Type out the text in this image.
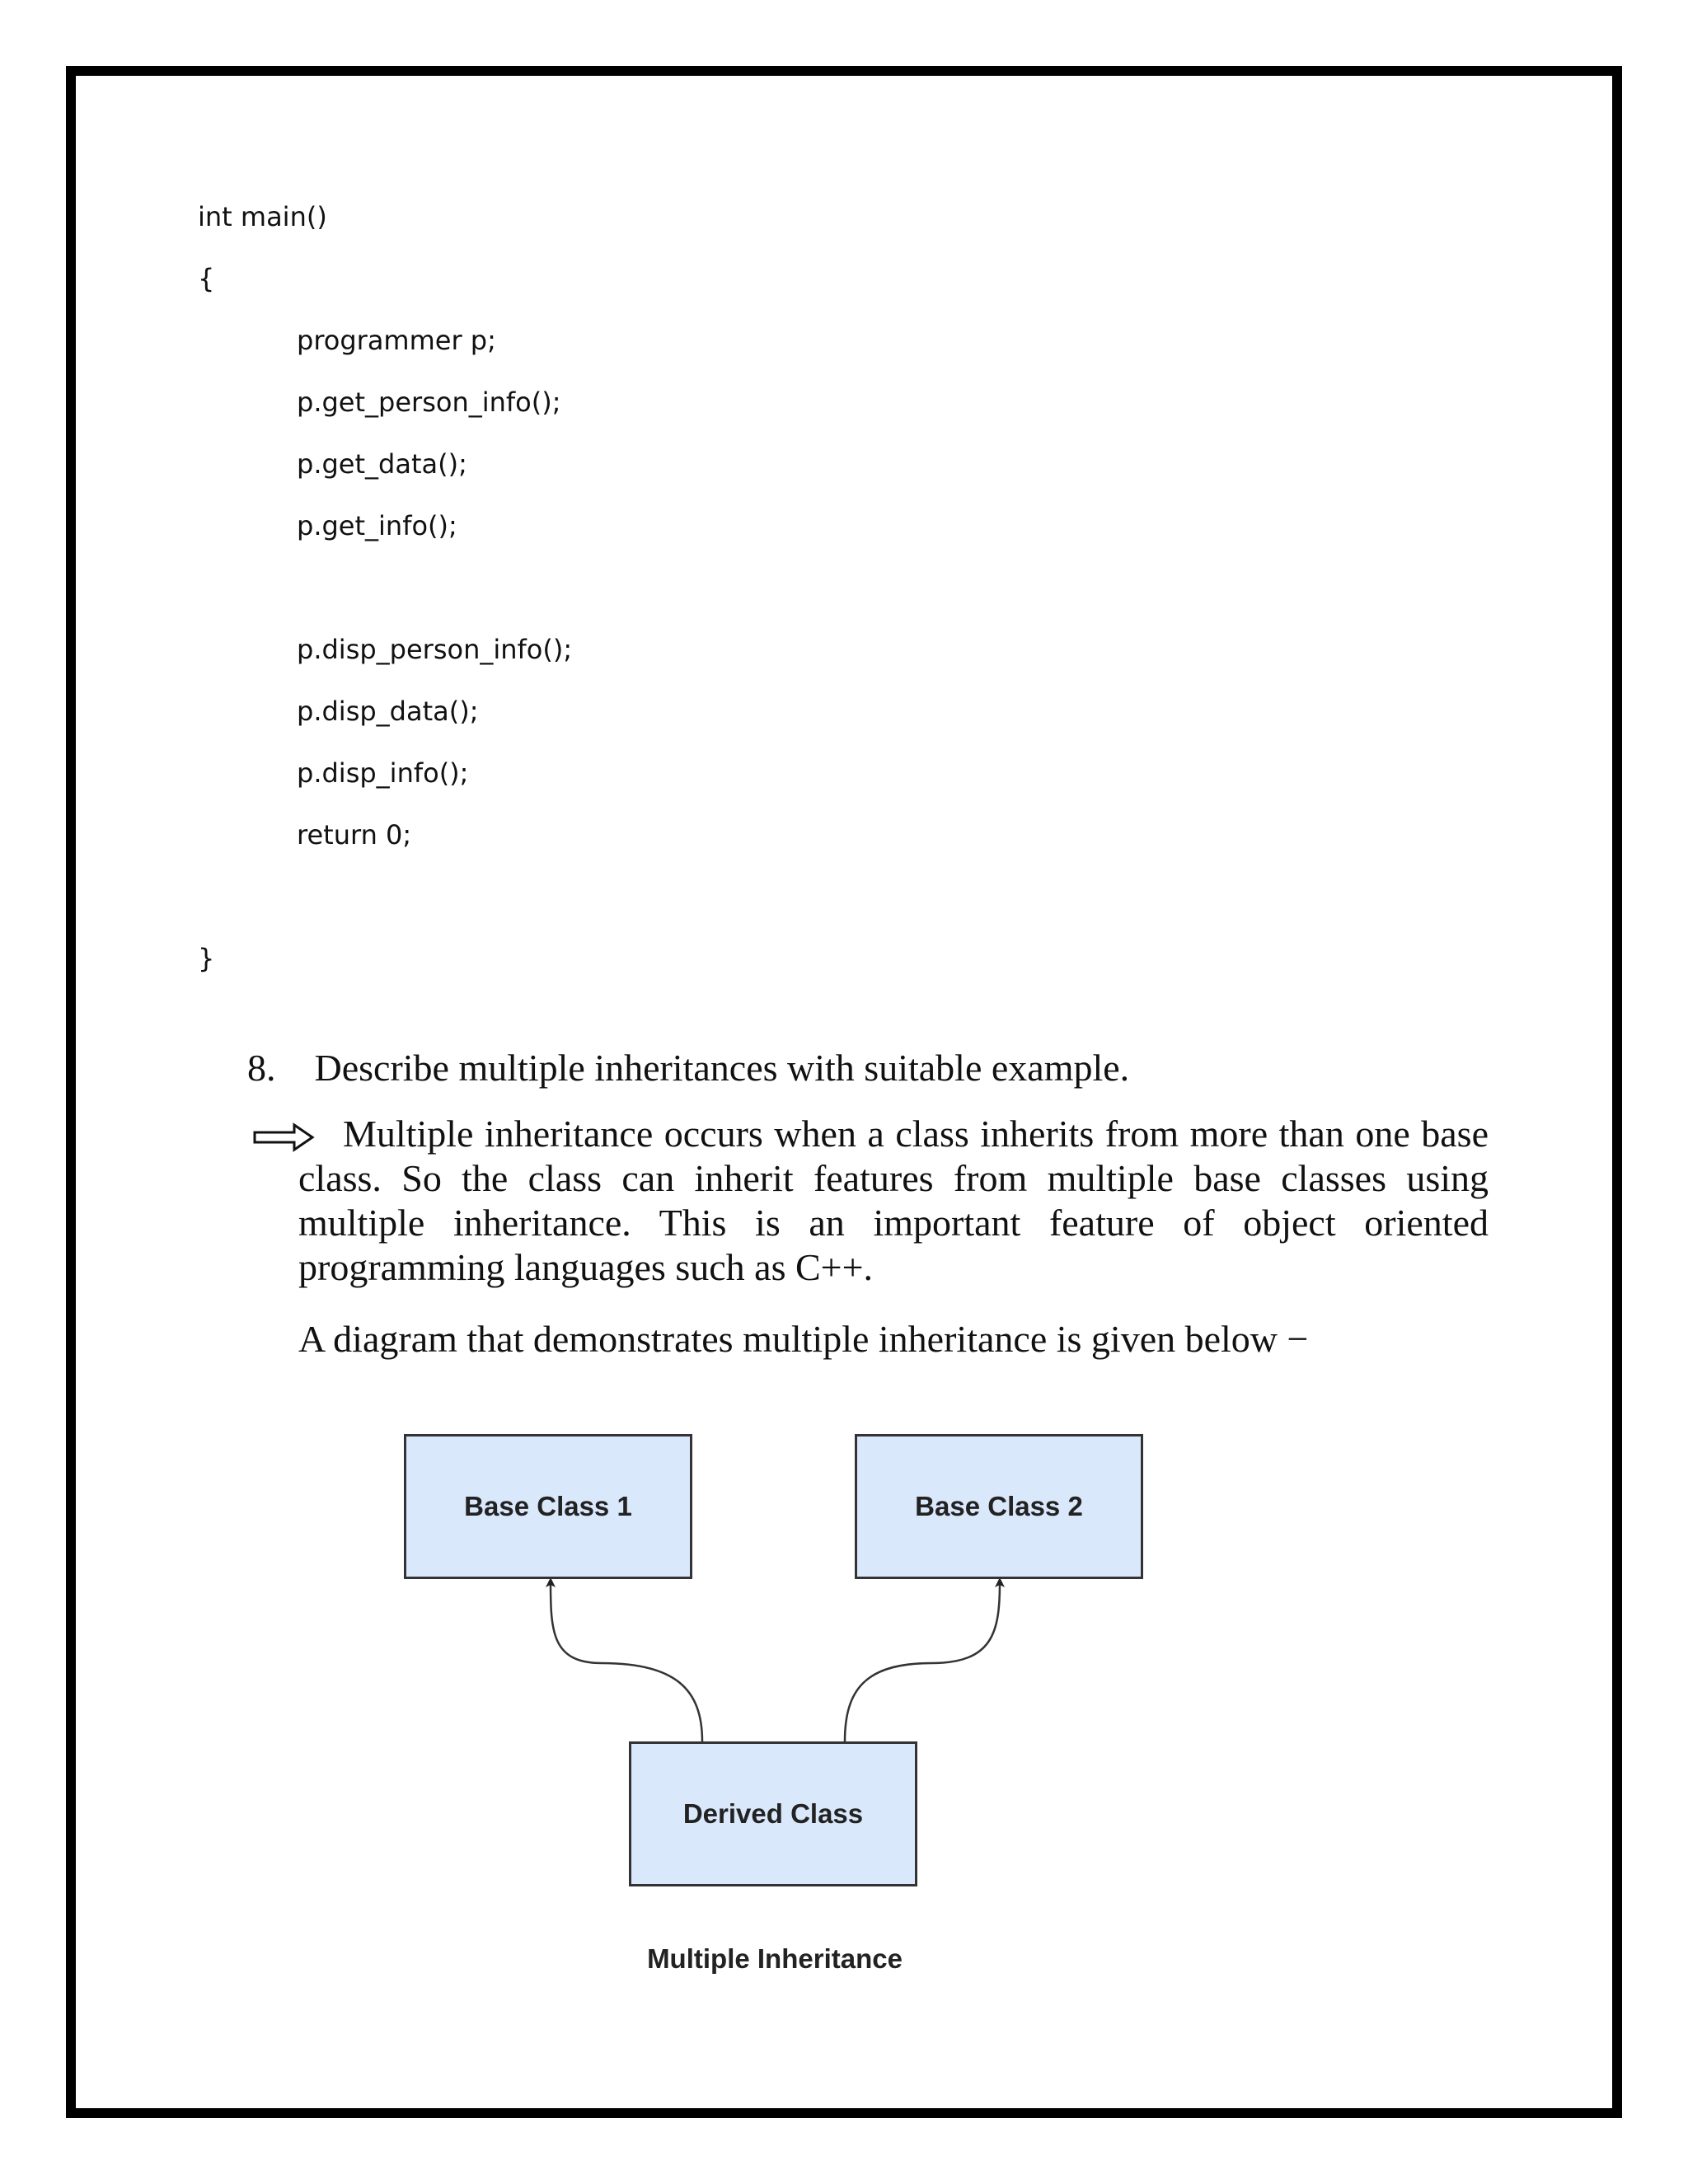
int main()
{
programmer p;
p.get_person_info();
p.get_data();
p.get_info();
p.disp_person_info();
p.disp_data();
p.disp_info();
return 0;
}
8. Describe multiple inheritances with suitable example.
Multiple inheritance occurs when a class inherits from more than one base class. So the class can inherit features from multiple base classes using multiple inheritance. This is an important feature of object oriented programming languages such as C++.
A diagram that demonstrates multiple inheritance is given below −
Base Class 1	Base Class 2
Derived Class
Multiple Inheritance
